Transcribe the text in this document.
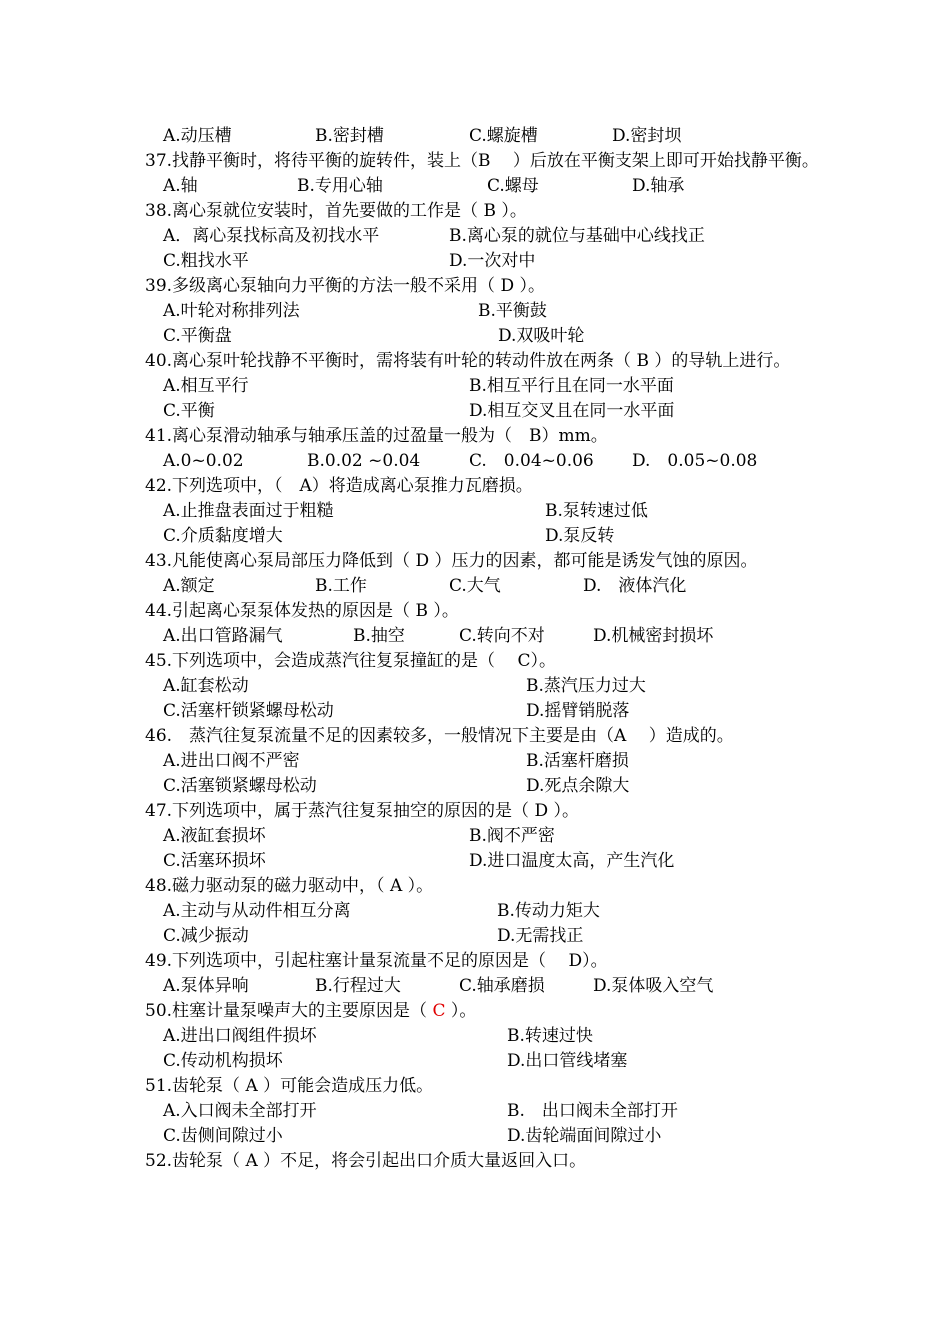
A.动压槽	B.密封槽	C.螺旋槽	D.密封坝
37.找静平衡时，将待平衡的旋转件，装上（B　 ）后放在平衡支架上即可开始找静平衡。
A.轴	B.专用心轴	C.螺母	D.轴承
38.离心泵就位安装时，首先要做的工作是（ B ）。
A．离心泵找标高及初找水平	B.离心泵的就位与基础中心线找正
C.粗找水平	D.一次对中
39.多级离心泵轴向力平衡的方法一般不采用（ D ）。
A.叶轮对称排列法	B.平衡鼓
C.平衡盘	D.双吸叶轮
40.离心泵叶轮找静不平衡时，需将装有叶轮的转动件放在两条（ B ）的导轨上进行。
A.相互平行	B.相互平行且在同一水平面
C.平衡	D.相互交叉且在同一水平面
41.离心泵滑动轴承与轴承压盖的过盈量一般为（　B）mm。
A.0~0.02	B.0.02 ~0.04	C.　0.04~0.06 D.　0.05~0.08
42.下列选项中，（　A）将造成离心泵推力瓦磨损。
A.止推盘表面过于粗糙	B.泵转速过低
C.介质黏度增大	D.泵反转
43.凡能使离心泵局部压力降低到（ D ）压力的因素，都可能是诱发气蚀的原因。
A.额定	B.工作	C.大气	D.　液体汽化
44.引起离心泵泵体发热的原因是（ B ）。
A.出口管路漏气	B.抽空	C.转向不对	D.机械密封损坏
45.下列选项中，会造成蒸汽往复泵撞缸的是（　 C）。
A.缸套松动	B.蒸汽压力过大
C.活塞杆锁紧螺母松动	D.摇臂销脱落
46.　蒸汽往复泵流量不足的因素较多，一般情况下主要是由（A　 ）造成的。
A.进出口阀不严密	B.活塞杆磨损
C.活塞锁紧螺母松动	D.死点余隙大
47.下列选项中，属于蒸汽往复泵抽空的原因的是（ D ）。
A.液缸套损坏	B.阀不严密
C.活塞环损坏	D.进口温度太高，产生汽化
48.磁力驱动泵的磁力驱动中，（ A ）。
A.主动与从动件相互分离	B.传动力矩大
C.减少振动	D.无需找正
49.下列选项中，引起柱塞计量泵流量不足的原因是（　 D）。
A.泵体异响	B.行程过大	C.轴承磨损	D.泵体吸入空气
50.柱塞计量泵噪声大的主要原因是（ C ）。
A.进出口阀组件损坏	B.转速过快
C.传动机构损坏	D.出口管线堵塞
51.齿轮泵（ A ）可能会造成压力低。
A.入口阀未全部打开	B.　出口阀未全部打开
C.齿侧间隙过小	D.齿轮端面间隙过小
52.齿轮泵（ A ）不足，将会引起出口介质大量返回入口。
